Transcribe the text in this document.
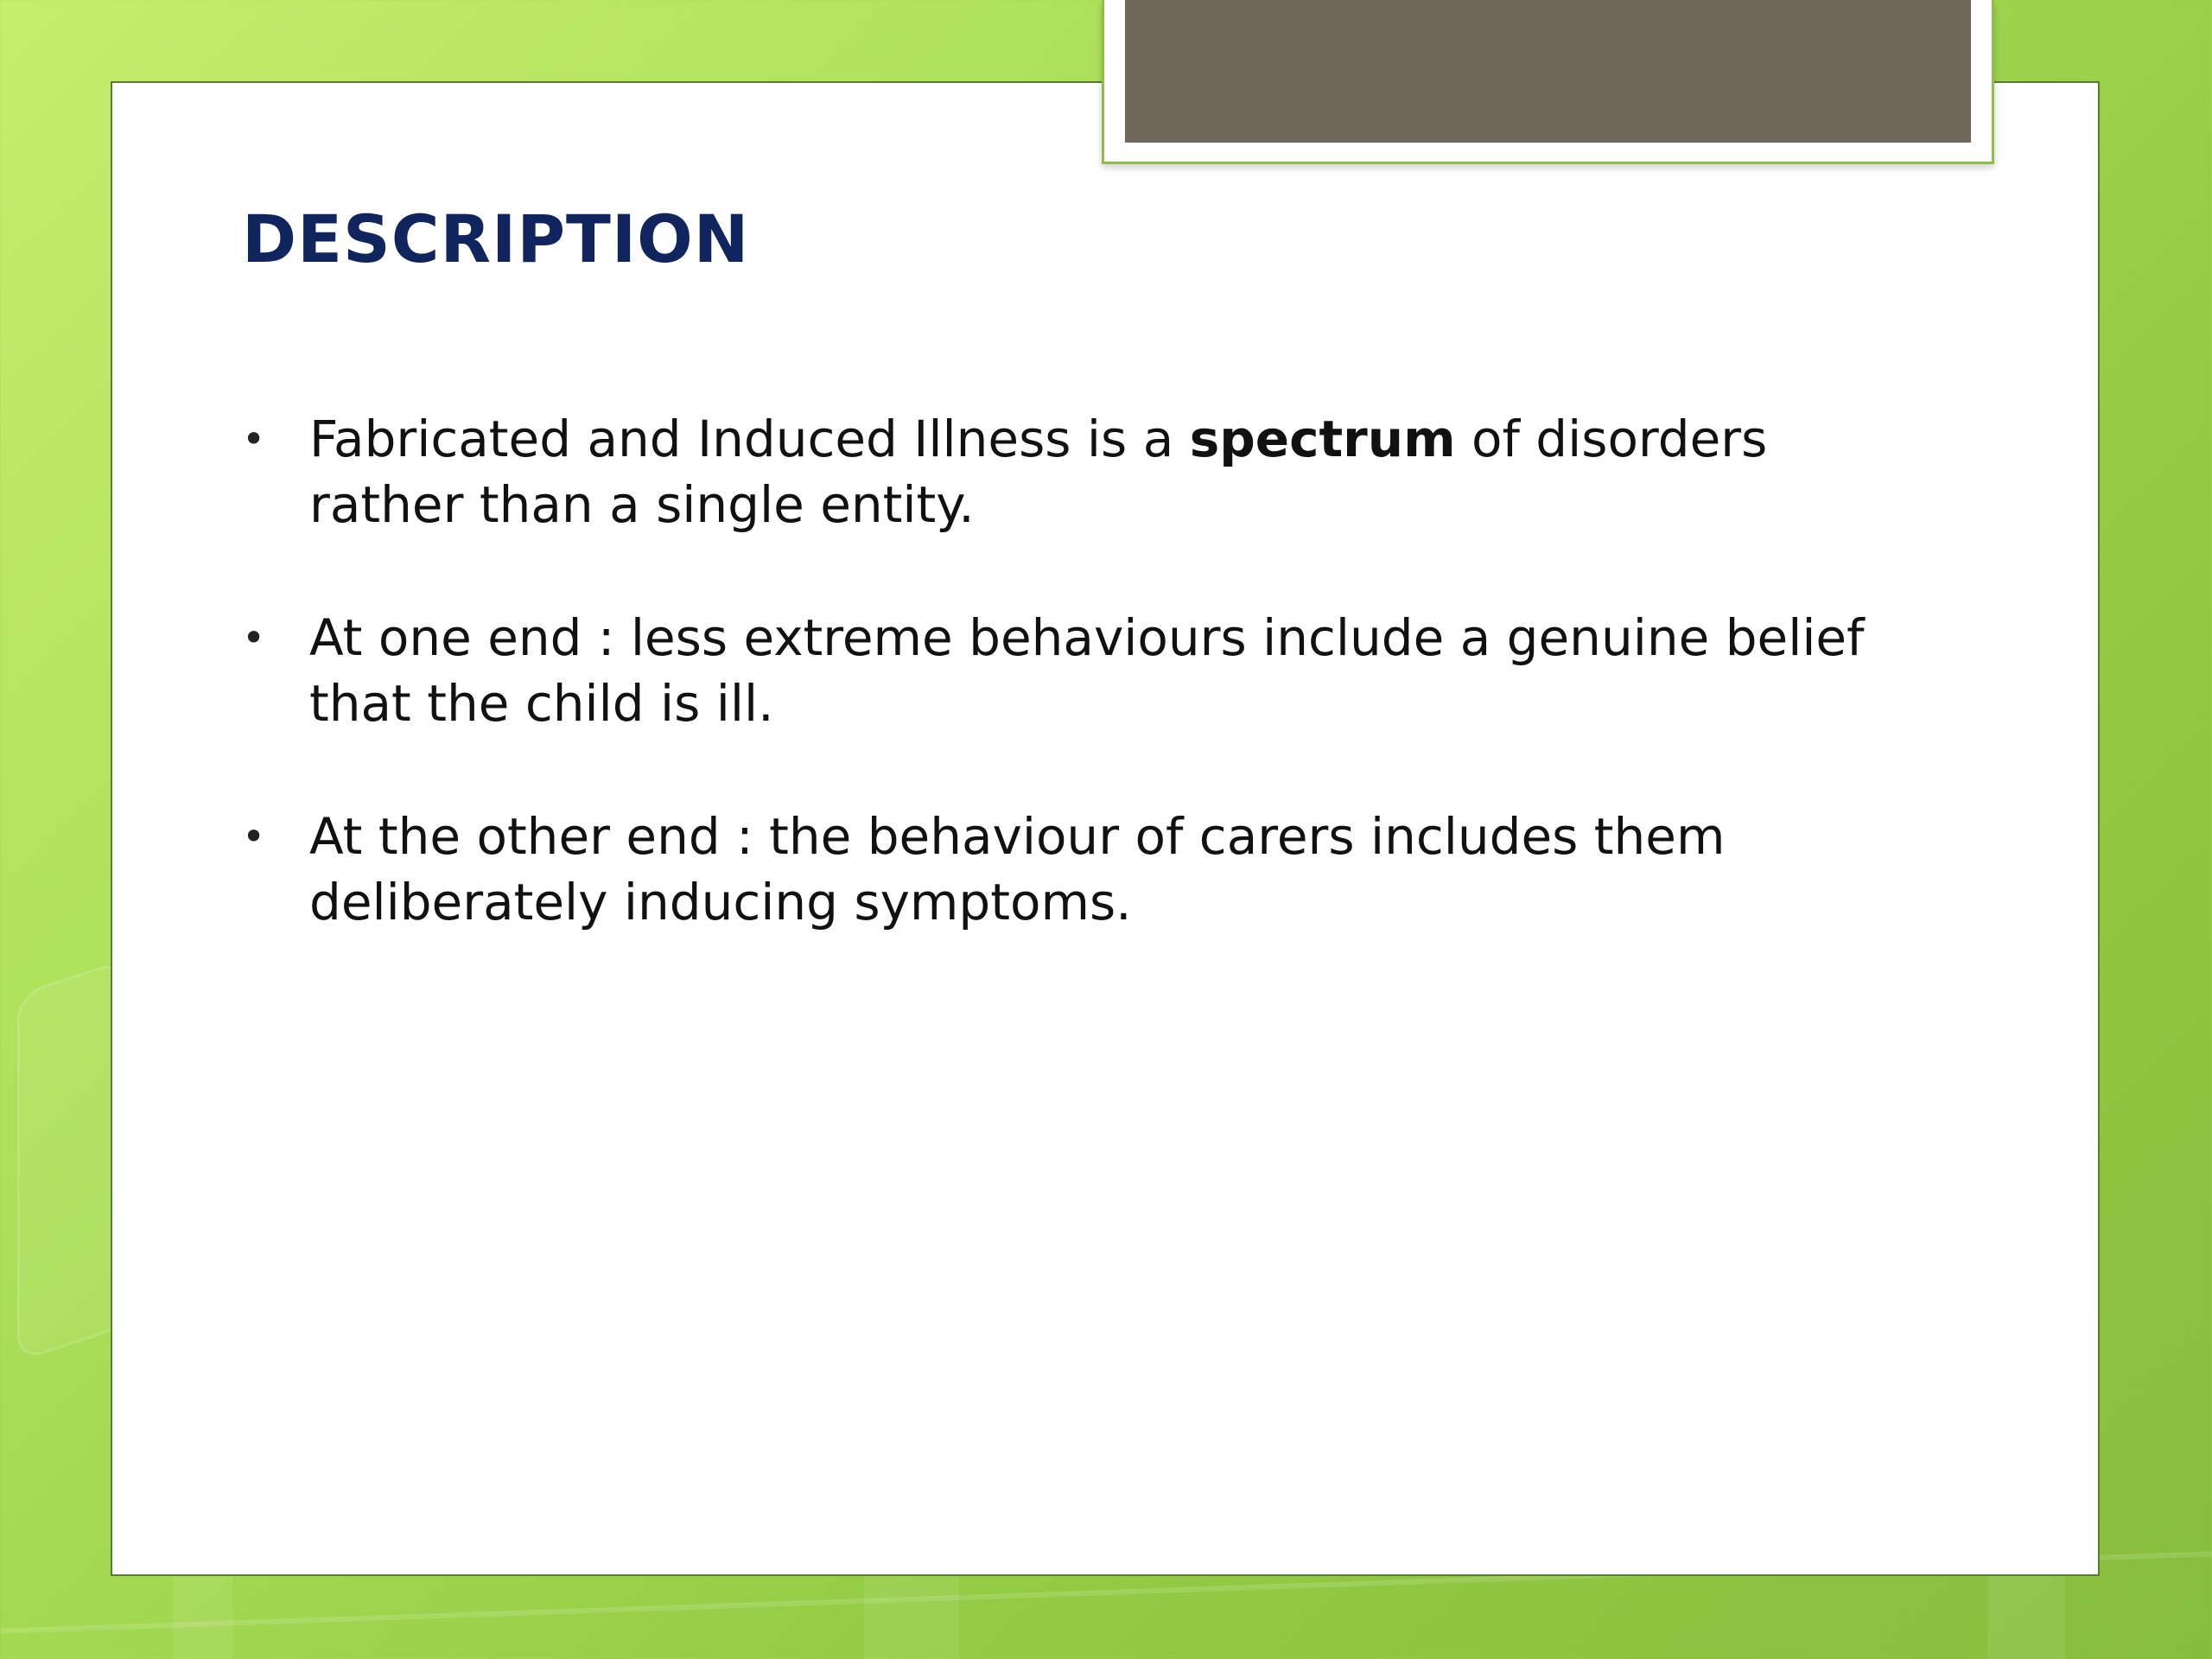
DESCRIPTION
• Fabricated and Induced Illness is a spectrum of disorders rather than a single entity.
• At one end : less extreme behaviours include a genuine belief that the child is ill.
• At the other end : the behaviour of carers includes them deliberately inducing symptoms.
